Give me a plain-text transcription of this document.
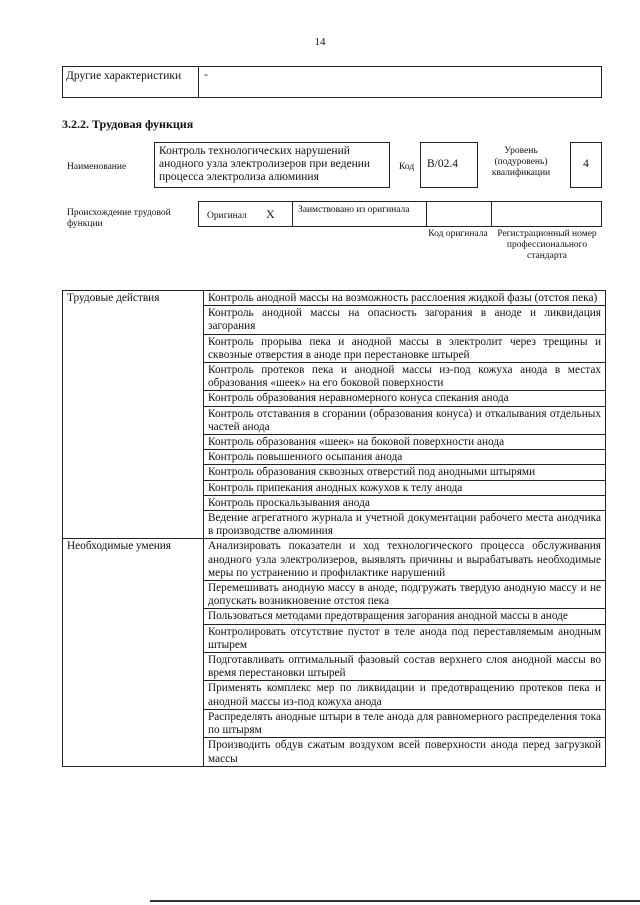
14
Другие характеристики	-
3.2.2. Трудовая функция
Наименование
Контроль технологических нарушений анодного узла электролизеров при ведении процесса электролиза алюминия
Код	B/02.4
Уровень (подуровень) квалификации
4
Происхождение трудовой функции
Оригинал X Заимствовано из оригинала
Код оригинала	Регистрационный номер профессионального стандарта
Трудовые действия	Контроль анодной массы на возможность расслоения жидкой фазы (отстоя пека)
	Контроль анодной массы на опасность загорания в аноде и ликвидация загорания
	Контроль прорыва пека и анодной массы в электролит через трещины и сквозные отверстия в аноде при перестановке штырей
	Контроль протеков пека и анодной массы из-под кожуха анода в местах образования «шеек» на его боковой поверхности
	Контроль образования неравномерного конуса спекания анода
	Контроль отставания в сгорании (образования конуса) и откалывания отдельных частей анода
	Контроль образования «шеек» на боковой поверхности анода
	Контроль повышенного осыпания анода
	Контроль образования сквозных отверстий под анодными штырями
	Контроль припекания анодных кожухов к телу анода
	Контроль проскальзывания анода
	Ведение агрегатного журнала и учетной документации рабочего места анодчика в производстве алюминия
Необходимые умения	Анализировать показатели и ход технологического процесса обслуживания анодного узла электролизеров, выявлять причины и вырабатывать необходимые меры по устранению и профилактике нарушений
	Перемешивать анодную массу в аноде, подгружать твердую анодную массу и не допускать возникновение отстоя пека
	Пользоваться методами предотвращения загорания анодной массы в аноде
	Контролировать отсутствие пустот в теле анода под переставляемым анодным штырем
	Подготавливать оптимальный фазовый состав верхнего слоя анодной массы во время перестановки штырей
	Применять комплекс мер по ликвидации и предотвращению протеков пека и анодной массы из-под кожуха анода
	Распределять анодные штыри в теле анода для равномерного распределения тока по штырям
	Производить обдув сжатым воздухом всей поверхности анода перед загрузкой массы
